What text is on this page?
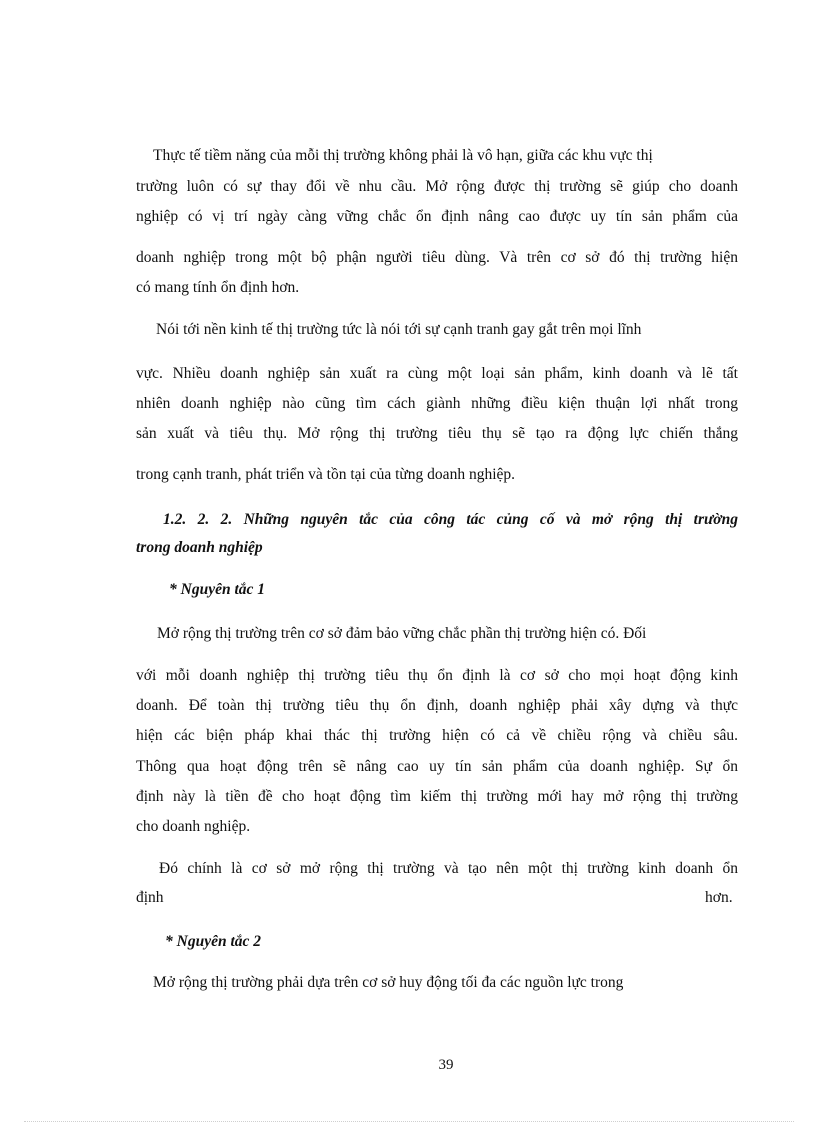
Thực tế tiềm năng của mỗi thị trường không phải là vô hạn, giữa các khu vực thị
trường luôn có sự thay đổi về nhu cầu. Mở rộng được thị trường sẽ giúp cho doanh
nghiệp có vị trí ngày càng vững chắc ổn định nâng cao được uy tín sản phẩm của
doanh nghiệp trong một bộ phận người tiêu dùng. Và trên cơ sở đó thị trường hiện
có mang tính ổn định hơn.
Nói tới nền kinh tế thị trường tức là nói tới sự cạnh tranh gay gắt trên mọi lĩnh
vực. Nhiều doanh nghiệp sản xuất ra cùng một loại sản phẩm, kinh doanh và lẽ tất
nhiên doanh nghiệp nào cũng tìm cách giành những điều kiện thuận lợi nhất trong
sản xuất và tiêu thụ. Mở rộng thị trường tiêu thụ sẽ tạo ra động lực chiến thắng
trong cạnh tranh, phát triển và tồn tại của từng doanh nghiệp.
1.2. 2. 2. Những nguyên tắc của công tác củng cố và mở rộng thị trường
trong doanh nghiệp
* Nguyên tắc 1
Mở rộng thị trường trên cơ sở đảm bảo vững chắc phần thị trường hiện có. Đối
với mỗi doanh nghiệp thị trường tiêu thụ ổn định là cơ sở cho mọi hoạt động kinh
doanh. Để toàn thị trường tiêu thụ ổn định, doanh nghiệp phải xây dựng và thực
hiện các biện pháp khai thác thị trường hiện có cả về chiều rộng và chiều sâu.
Thông qua hoạt động trên sẽ nâng cao uy tín sản phẩm của doanh nghiệp. Sự ổn
định này là tiền đề cho hoạt động tìm kiếm thị trường mới hay mở rộng thị trường
cho doanh nghiệp.
Đó chính là cơ sở mở rộng thị trường và tạo nên một thị trường kinh doanh ổn
định	hơn.
* Nguyên tắc 2
Mở rộng thị trường phải dựa trên cơ sở huy động tối đa các nguồn lực trong
39
